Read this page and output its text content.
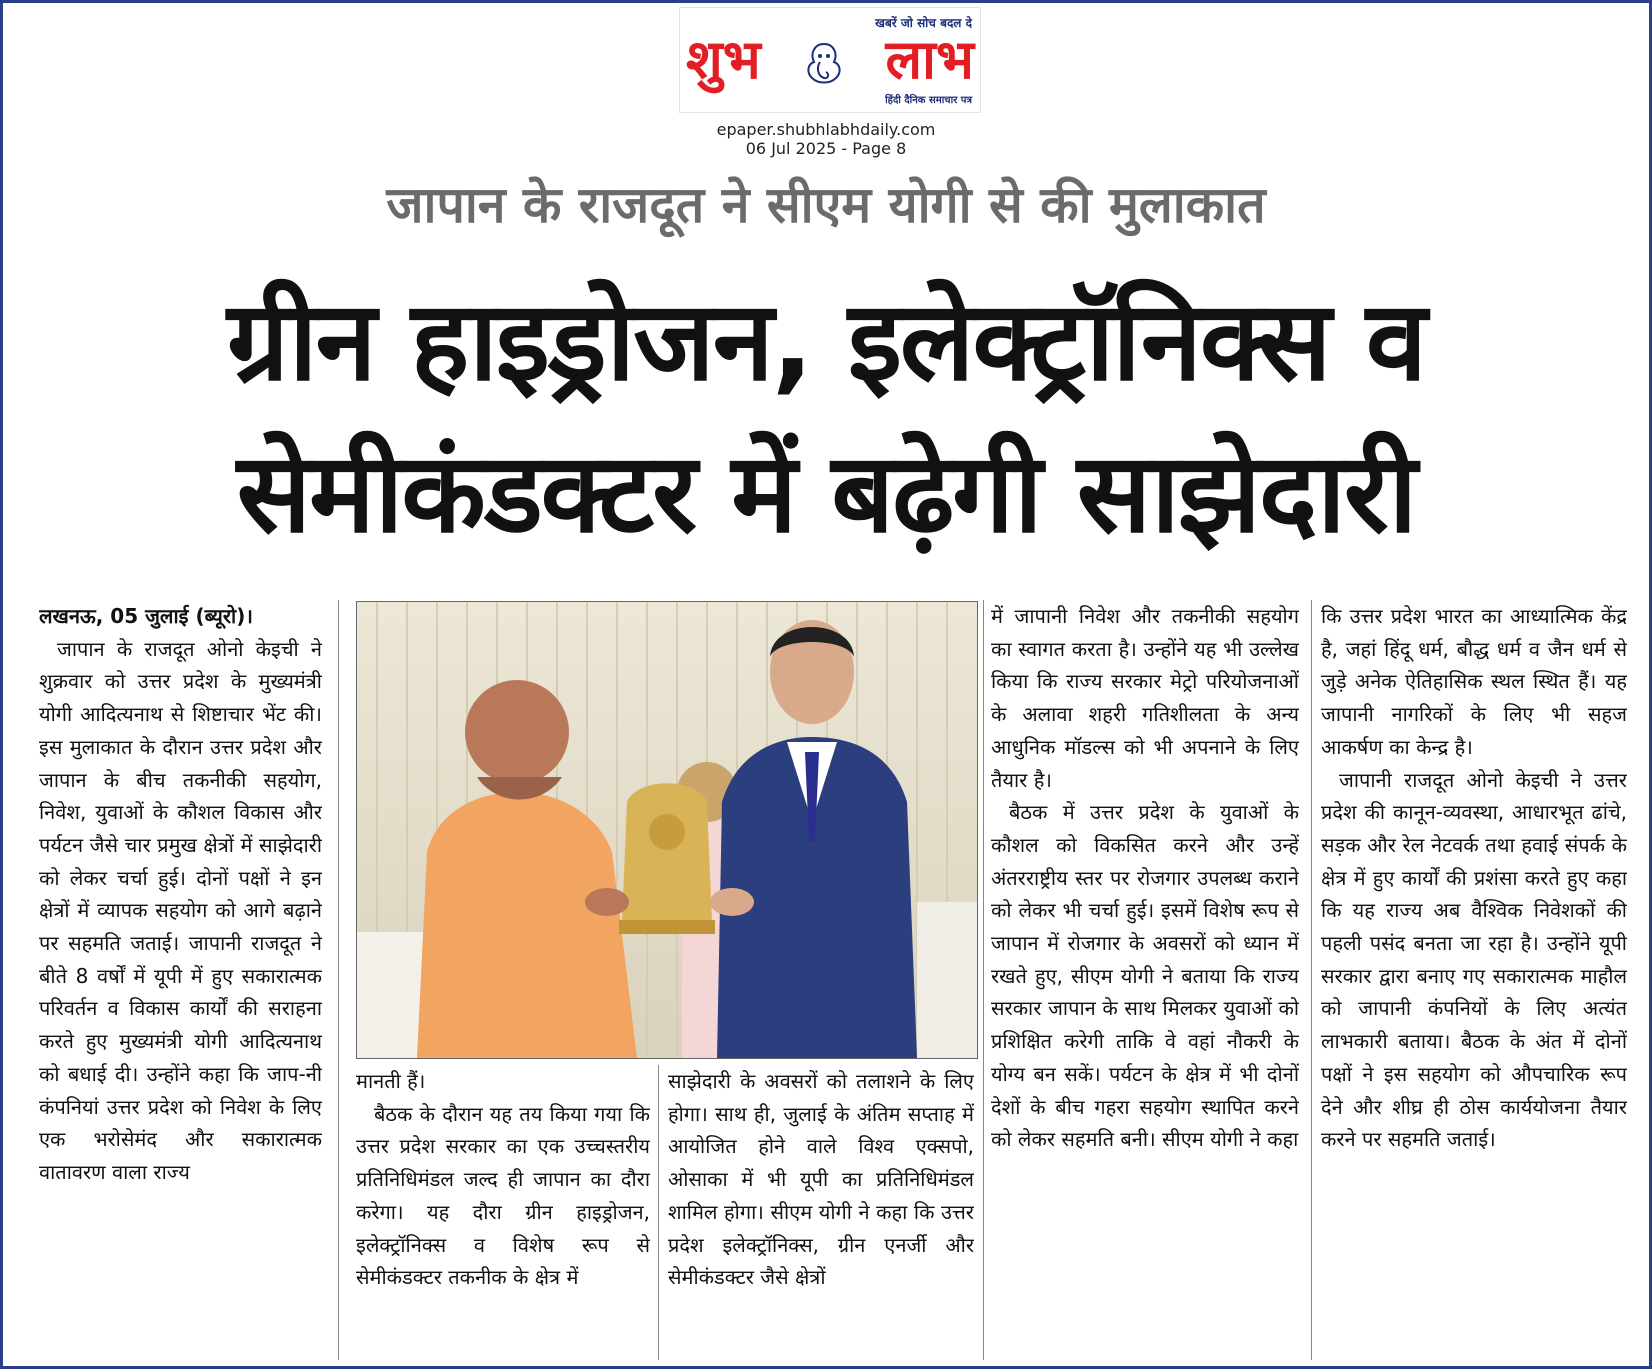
खबरें जो सोच बदल दे
शुभ लाभ
हिंदी दैनिक समाचार पत्र
epaper.shubhlabhdaily.com
06 Jul 2025 - Page 8
जापान के राजदूत ने सीएम योगी से की मुलाकात
ग्रीन हाइड्रोजन, इलेक्ट्रॉनिक्स व
सेमीकंडक्टर में बढ़ेगी साझेदारी

लखनऊ, 05 जुलाई (ब्यूरो)।

जापान के राजदूत ओनो केइची ने शुक्रवार को उत्तर प्रदेश के मुख्यमंत्री योगी आदित्यनाथ से शिष्टाचार भेंट की। इस मुलाकात के दौरान उत्तर प्रदेश और जापान के बीच तकनीकी सहयोग, निवेश, युवाओं के कौशल विकास और पर्यटन जैसे चार प्रमुख क्षेत्रों में साझेदारी को लेकर चर्चा हुई। दोनों पक्षों ने इन क्षेत्रों में व्यापक सहयोग को आगे बढ़ाने पर सहमति जताई। जापानी राजदूत ने बीते 8 वर्षों में यूपी में हुए सकारात्मक परिवर्तन व विकास कार्यों की सराहना करते हुए मुख्यमंत्री योगी आदित्यनाथ को बधाई दी। उन्होंने कहा कि जाप-नी कंपनियां उत्तर प्रदेश को निवेश के लिए एक भरोसेमंद और सकारात्मक वातावरण वाला राज्य

मानती हैं।

बैठक के दौरान यह तय किया गया कि उत्तर प्रदेश सरकार का एक उच्चस्तरीय प्रतिनिधिमंडल जल्द ही जापान का दौरा करेगा। यह दौरा ग्रीन हाइड्रोजन, इलेक्ट्रॉनिक्स व विशेष रूप से सेमीकंडक्टर तकनीक के क्षेत्र में

साझेदारी के अवसरों को तलाशने के लिए होगा। साथ ही, जुलाई के अंतिम सप्ताह में आयोजित होने वाले विश्व एक्सपो, ओसाका में भी यूपी का प्रतिनिधिमंडल शामिल होगा। सीएम योगी ने कहा कि उत्तर प्रदेश इलेक्ट्रॉनिक्स, ग्रीन एनर्जी और सेमीकंडक्टर जैसे क्षेत्रों

में जापानी निवेश और तकनीकी सहयोग का स्वागत करता है। उन्होंने यह भी उल्लेख किया कि राज्य सरकार मेट्रो परियोजनाओं के अलावा शहरी गतिशीलता के अन्य आधुनिक मॉडल्स को भी अपनाने के लिए तैयार है।

बैठक में उत्तर प्रदेश के युवाओं के कौशल को विकसित करने और उन्हें अंतरराष्ट्रीय स्तर पर रोजगार उपलब्ध कराने को लेकर भी चर्चा हुई। इसमें विशेष रूप से जापान में रोजगार के अवसरों को ध्यान में रखते हुए, सीएम योगी ने बताया कि राज्य सरकार जापान के साथ मिलकर युवाओं को प्रशिक्षित करेगी ताकि वे वहां नौकरी के योग्य बन सकें। पर्यटन के क्षेत्र में भी दोनों देशों के बीच गहरा सहयोग स्थापित करने को लेकर सहमति बनी। सीएम योगी ने कहा

कि उत्तर प्रदेश भारत का आध्यात्मिक केंद्र है, जहां हिंदू धर्म, बौद्ध धर्म व जैन धर्म से जुड़े अनेक ऐतिहासिक स्थल स्थित हैं। यह जापानी नागरिकों के लिए भी सहज आकर्षण का केन्द्र है।

जापानी राजदूत ओनो केइची ने उत्तर प्रदेश की कानून-व्यवस्था, आधारभूत ढांचे, सड़क और रेल नेटवर्क तथा हवाई संपर्क के क्षेत्र में हुए कार्यों की प्रशंसा करते हुए कहा कि यह राज्य अब वैश्विक निवेशकों की पहली पसंद बनता जा रहा है। उन्होंने यूपी सरकार द्वारा बनाए गए सकारात्मक माहौल को जापानी कंपनियों के लिए अत्यंत लाभकारी बताया। बैठक के अंत में दोनों पक्षों ने इस सहयोग को औपचारिक रूप देने और शीघ्र ही ठोस कार्ययोजना तैयार करने पर सहमति जताई।
